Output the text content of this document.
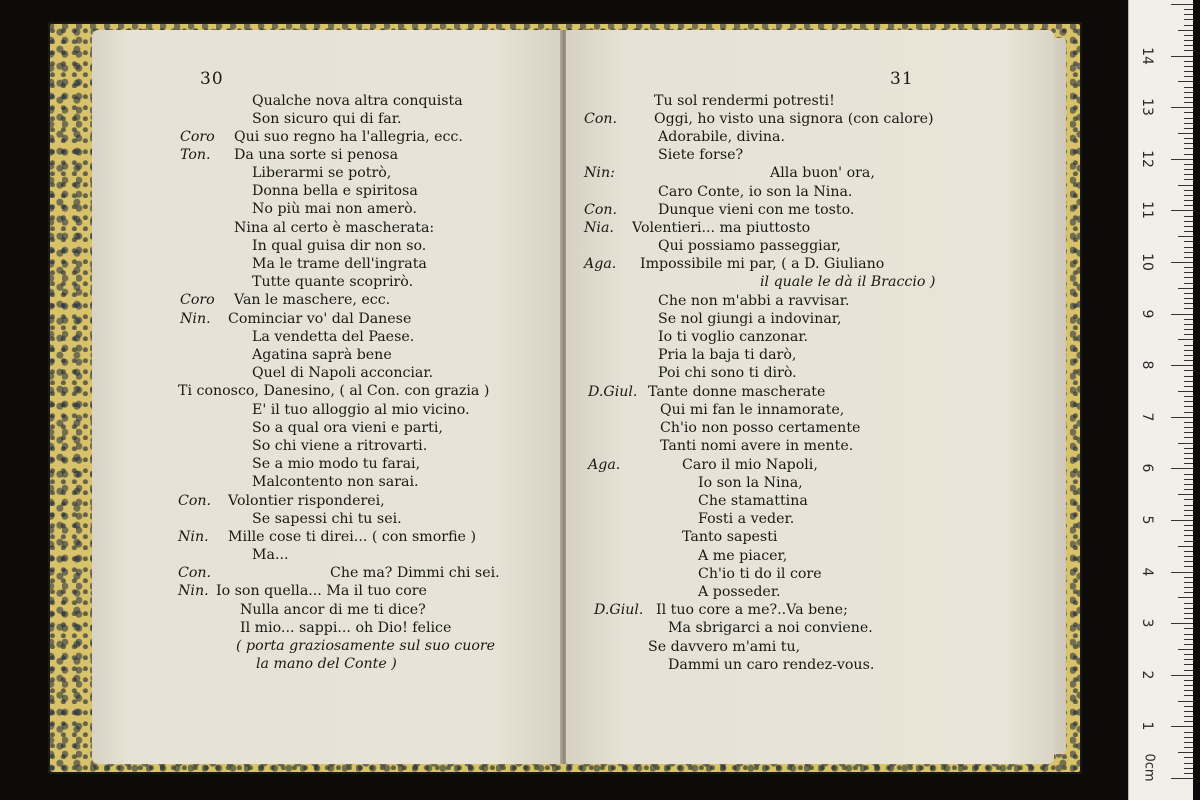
30
Qualche nova altra conquista
Son sicuro qui di far.
Coro Qui suo regno ha l'allegria, ecc.
Ton. Da una sorte si penosa
Liberarmi se potrò,
Donna bella e spiritosa
No più mai non amerò.
Nina al certo è mascherata:
In qual guisa dir non so.
Ma le trame dell'ingrata
Tutte quante scoprirò.
Coro Van le maschere, ecc.
Nin. Cominciar vo' dal Danese
La vendetta del Paese.
Agatina saprà bene
Quel di Napoli acconciar.
Ti conosco, Danesino, ( al Con. con grazia )
E' il tuo alloggio al mio vicino.
So a qual ora vieni e parti,
So chi viene a ritrovarti.
Se a mio modo tu farai,
Malcontento non sarai.
Con. Volontier risponderei,
Se sapessi chi tu sei.
Nin. Mille cose ti direi... ( con smorfie )
Ma...
Con.	Che ma? Dimmi chi sei.
Nin. Io son quella... Ma il tuo core
Nulla ancor di me ti dice?
Il mio... sappi... oh Dio! felice
( porta graziosamente sul suo cuore
la mano del Conte )
31
Tu sol rendermi potresti!
Con.	Oggi, ho visto una signora (con calore)
Adorabile, divina.
Siete forse?
Nin:	Alla buon' ora,
Caro Conte, io son la Nina.
Con.	Dunque vieni con me tosto.
Nia. Volentieri... ma piuttosto
Qui possiamo passeggiar,
Aga. Impossibile mi par, ( a D. Giuliano
il quale le dà il Braccio )
Che non m'abbi a ravvisar.
Se nol giungi a indovinar,
Io ti voglio canzonar.
Pria la baja ti darò,
Poi chi sono ti dirò.
D.Giul. Tante donne mascherate
Qui mi fan le innamorate,
Ch'io non posso certamente
Tanti nomi avere in mente.
Aga.	Caro il mio Napoli,
Io son la Nina,
Che stamattina
Fosti a veder.
Tanto sapesti
A me piacer,
Ch'io ti do il core
A posseder.
D.Giul. Il tuo core a me?..Va bene;
Ma sbrigarci a noi conviene.
Se davvero m'ami tu,
Dammi un caro rendez-vous.
1
2
3
4
5
6
7
8
9
10
11
12
13
14
0cm
